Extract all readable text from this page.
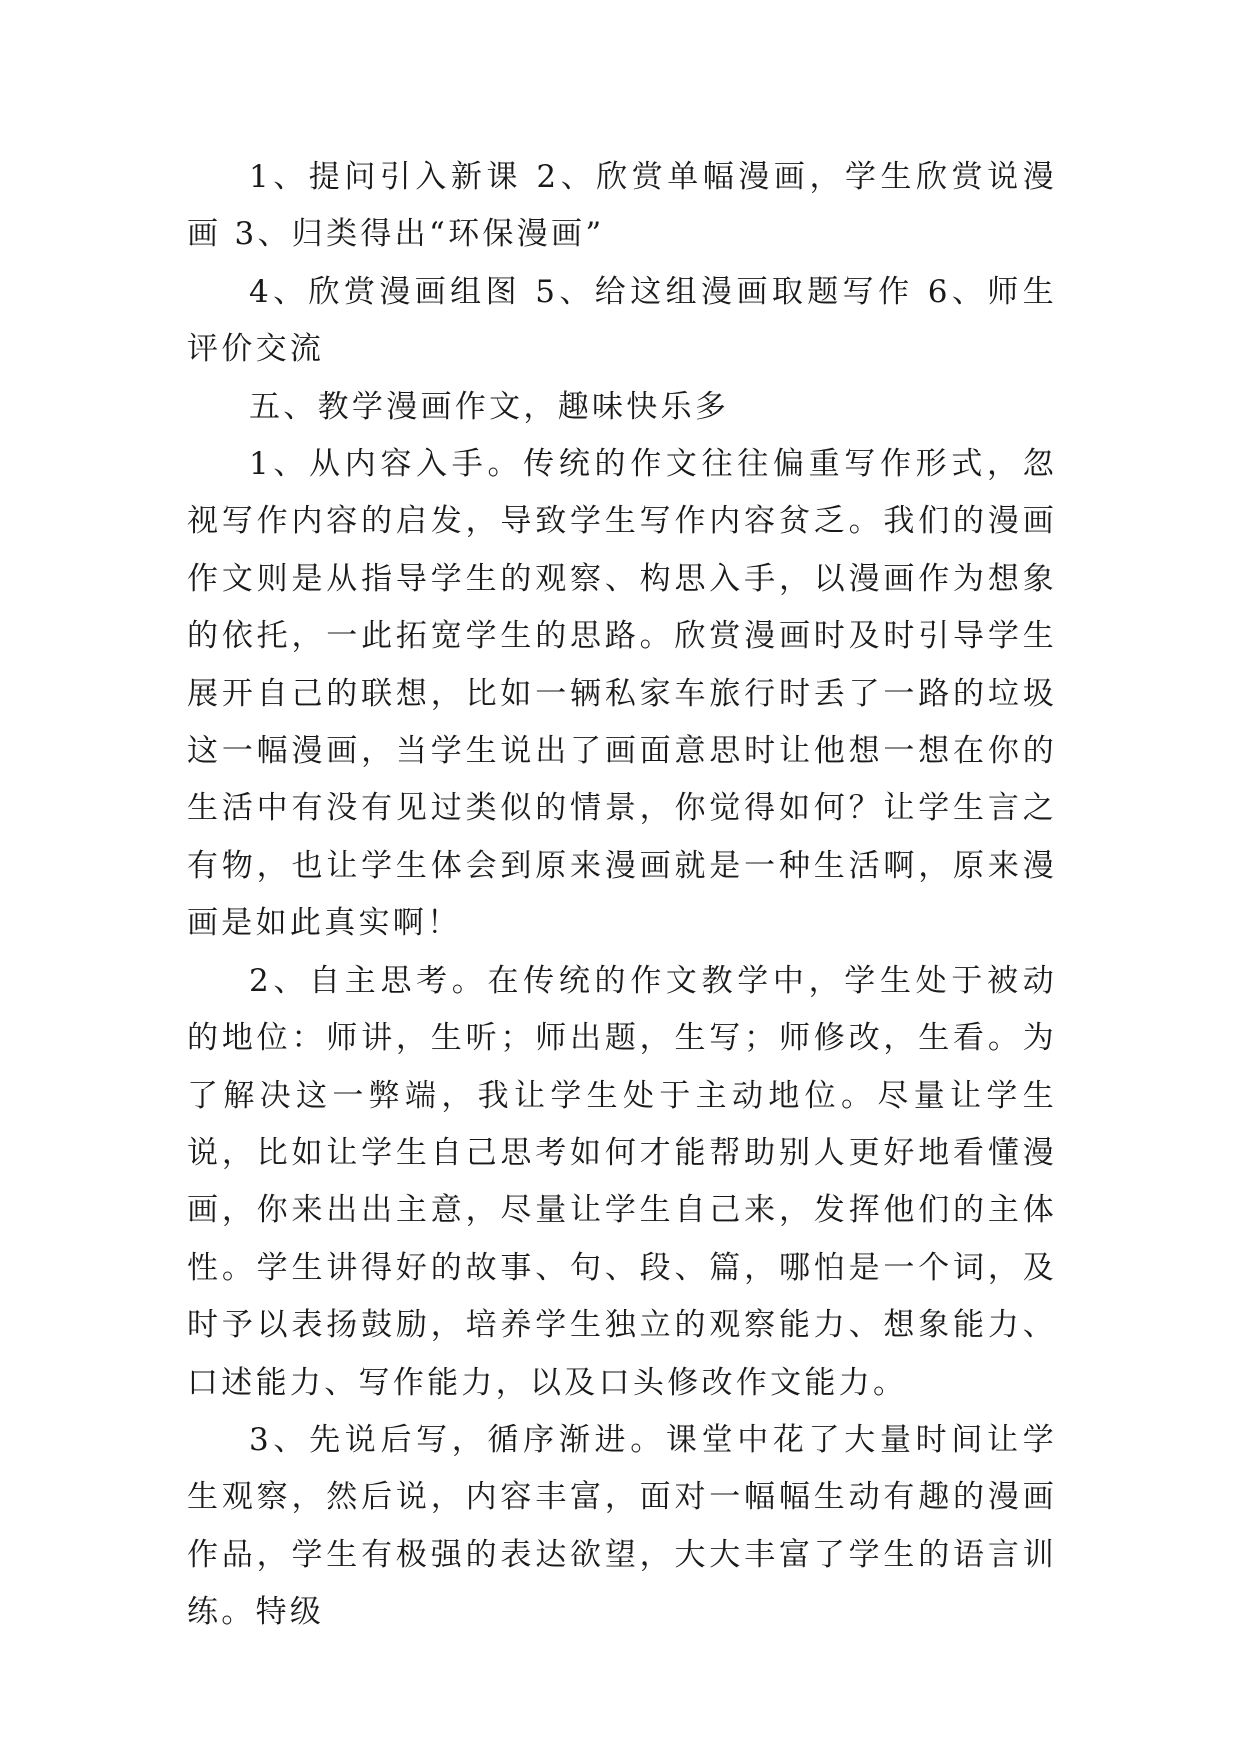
1、提问引入新课 2、欣赏单幅漫画，学生欣赏说漫画 3、归类得出“环保漫画”

4、欣赏漫画组图 5、给这组漫画取题写作 6、师生评价交流

五、教学漫画作文，趣味快乐多

1、从内容入手。传统的作文往往偏重写作形式，忽视写作内容的启发，导致学生写作内容贫乏。我们的漫画作文则是从指导学生的观察、构思入手，以漫画作为想象的依托，一此拓宽学生的思路。欣赏漫画时及时引导学生展开自己的联想，比如一辆私家车旅行时丢了一路的垃圾这一幅漫画，当学生说出了画面意思时让他想一想在你的生活中有没有见过类似的情景，你觉得如何？让学生言之有物，也让学生体会到原来漫画就是一种生活啊，原来漫画是如此真实啊！

2、自主思考。在传统的作文教学中，学生处于被动的地位：师讲，生听；师出题，生写；师修改，生看。为了解决这一弊端，我让学生处于主动地位。尽量让学生说，比如让学生自己思考如何才能帮助别人更好地看懂漫画，你来出出主意，尽量让学生自己来，发挥他们的主体性。学生讲得好的故事、句、段、篇，哪怕是一个词，及时予以表扬鼓励，培养学生独立的观察能力、想象能力、口述能力、写作能力，以及口头修改作文能力。

3、先说后写，循序渐进。课堂中花了大量时间让学生观察，然后说，内容丰富，面对一幅幅生动有趣的漫画作品，学生有极强的表达欲望，大大丰富了学生的语言训练。特级
